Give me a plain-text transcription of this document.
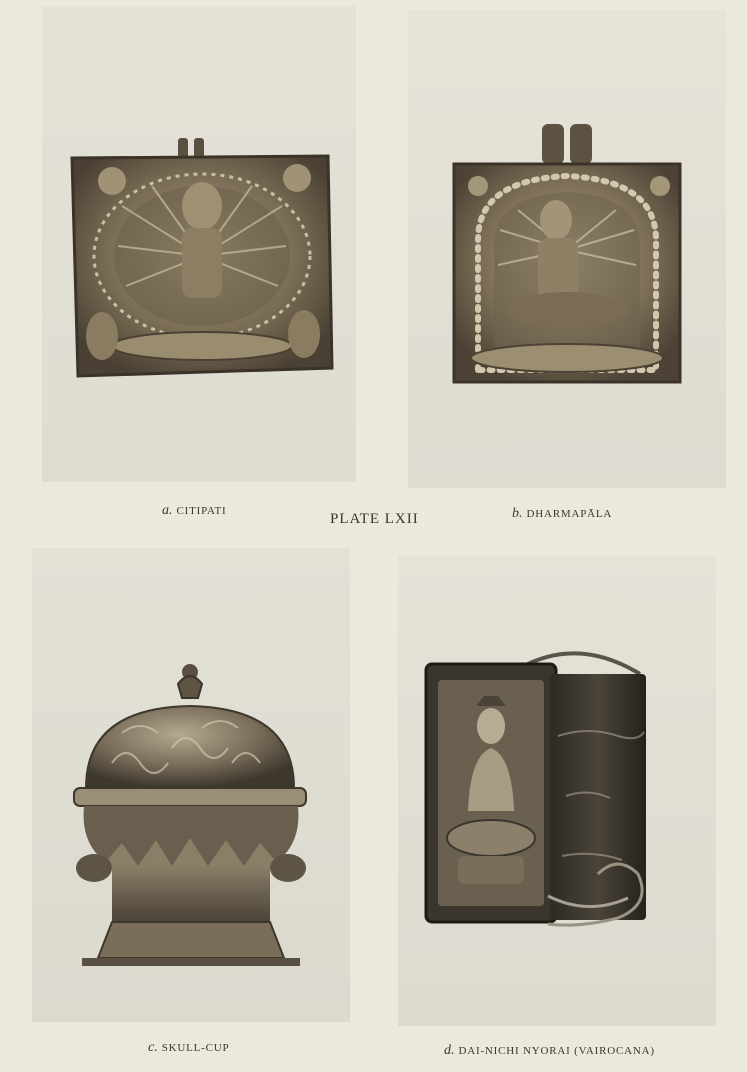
a. CITIPATI	PLATE LXII	b. DHARMAPĀLA
c. SKULL-CUP	d. DAI-NICHI NYORAI (VAIROCANA)
